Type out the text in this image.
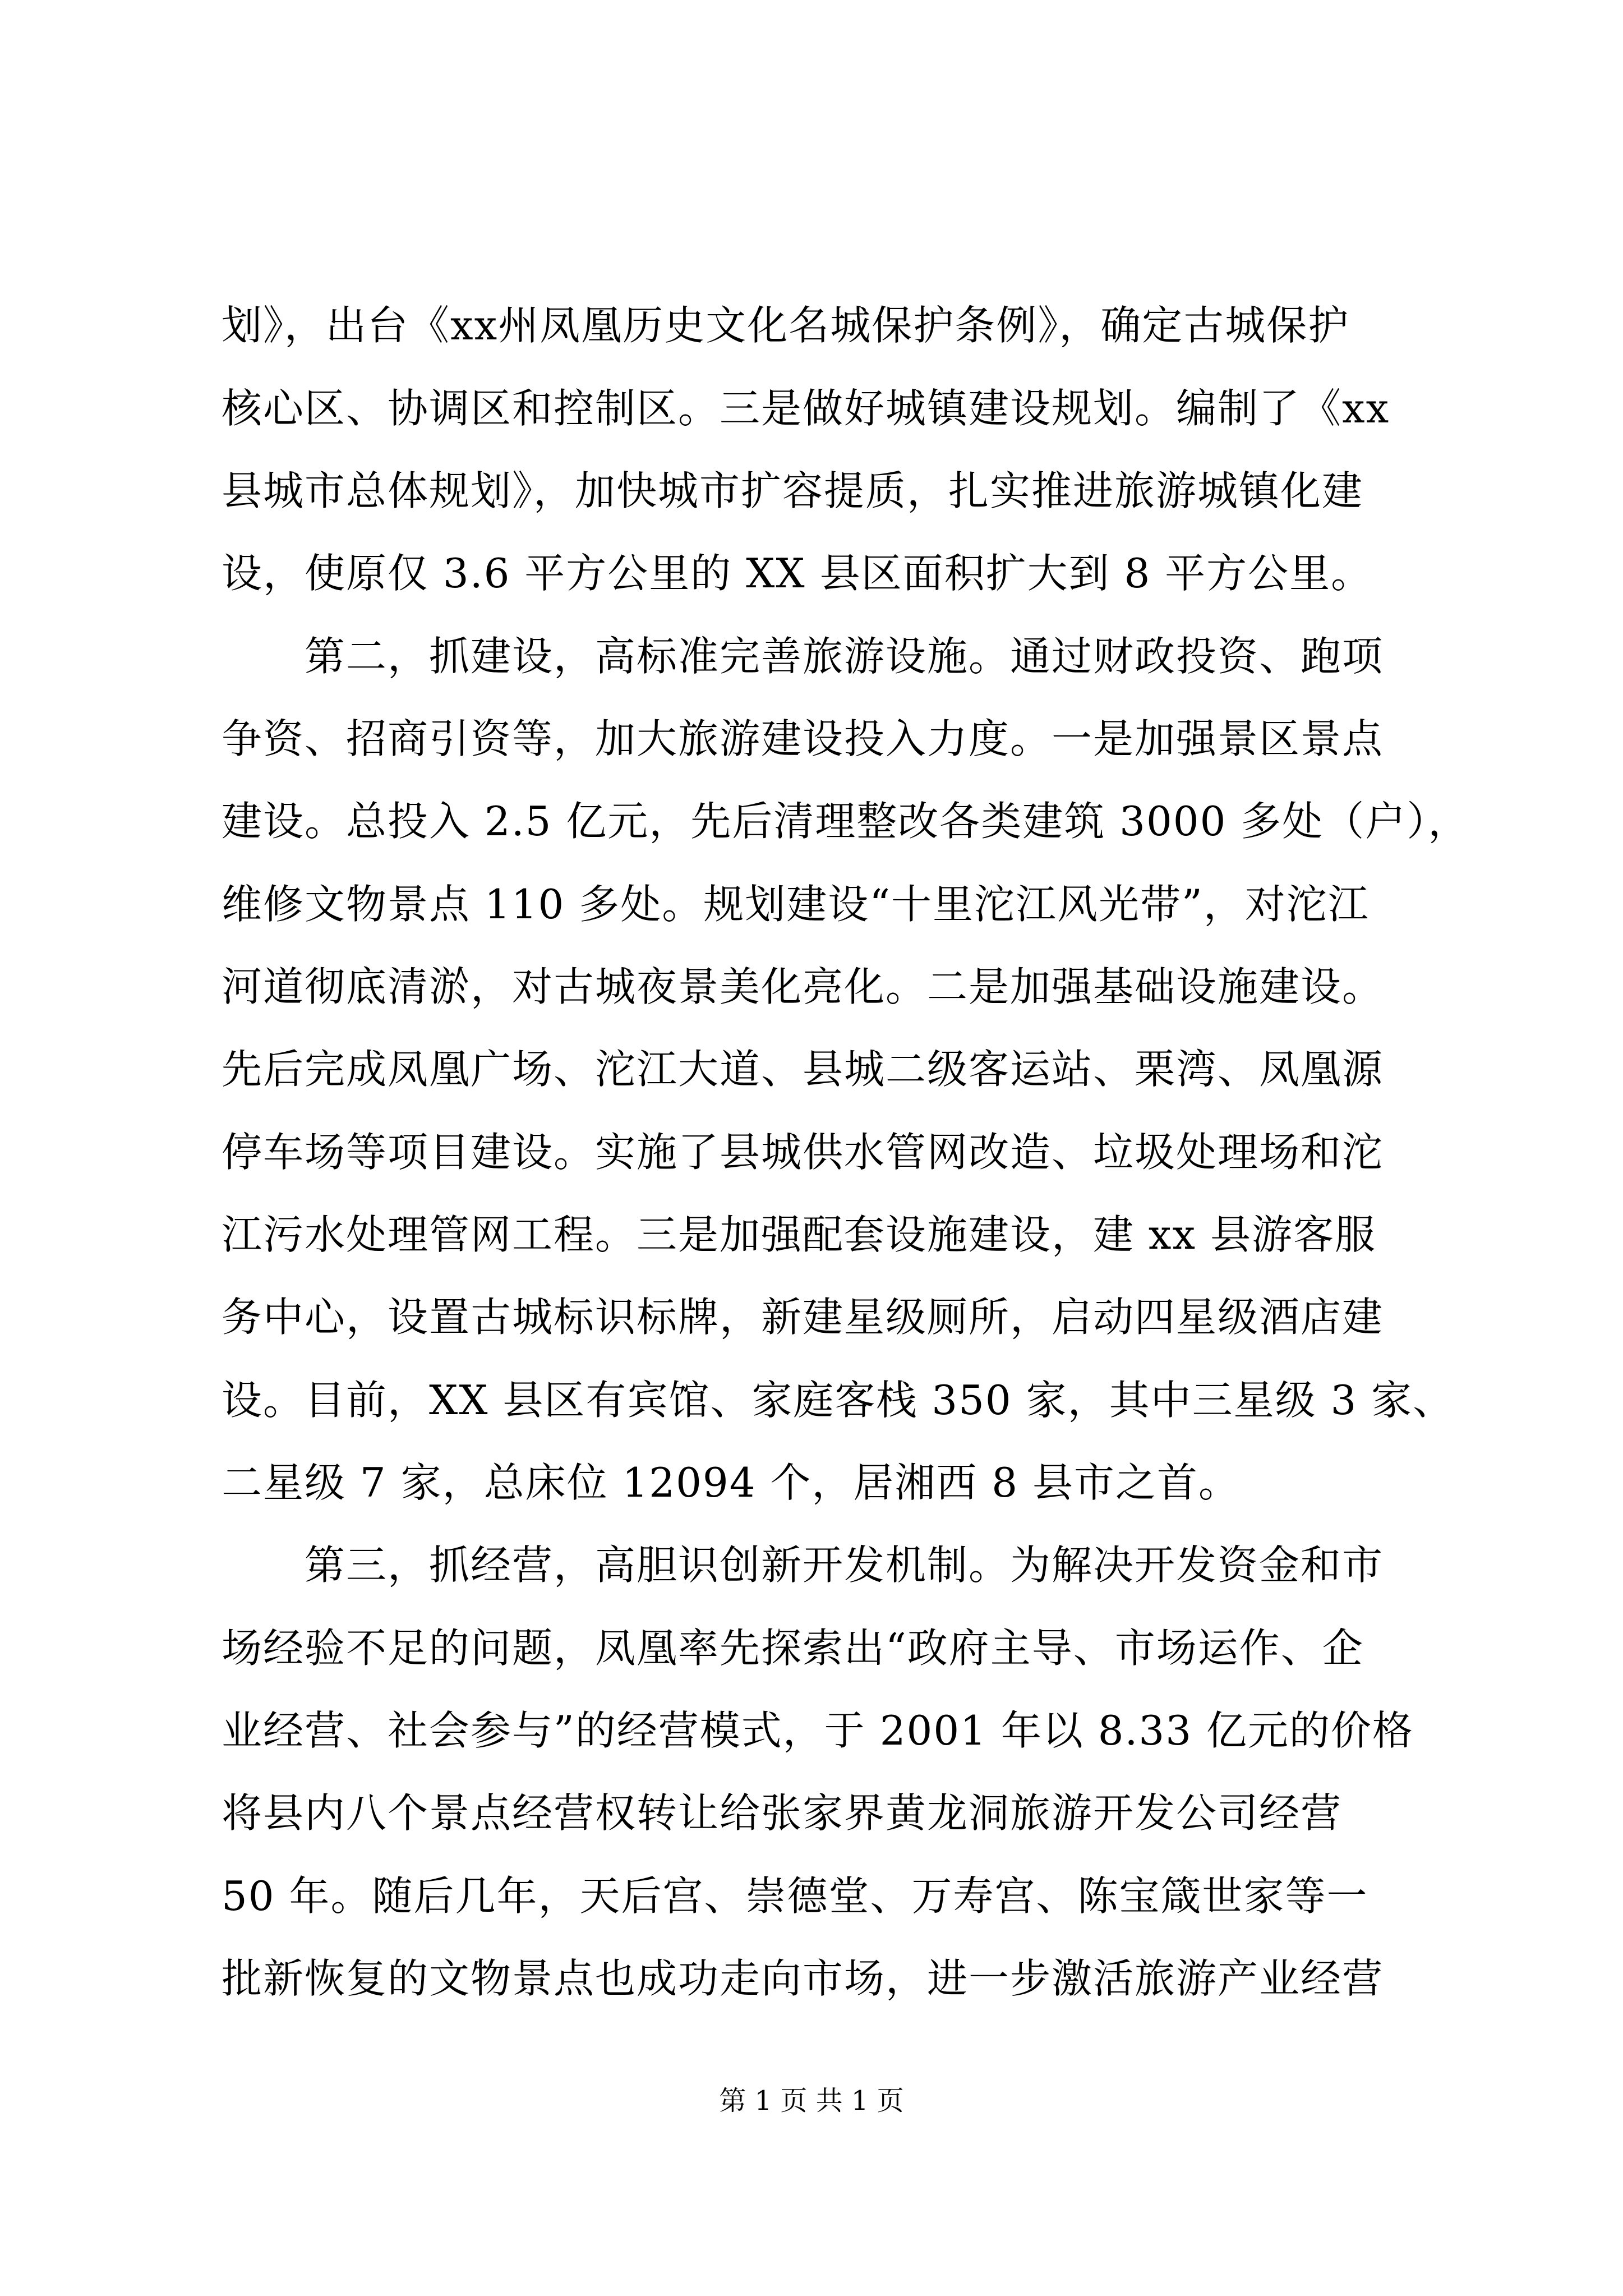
划》，出台《xx州凤凰历史文化名城保护条例》，确定古城保护
核心区、协调区和控制区。三是做好城镇建设规划。编制了《xx
县城市总体规划》，加快城市扩容提质，扎实推进旅游城镇化建
设，使原仅 3.6 平方公里的 XX 县区面积扩大到 8 平方公里。
　　第二，抓建设，高标准完善旅游设施。通过财政投资、跑项
争资、招商引资等，加大旅游建设投入力度。一是加强景区景点
建设。总投入 2.5 亿元，先后清理整改各类建筑 3000 多处（户），
维修文物景点 110 多处。规划建设“十里沱江风光带”，对沱江
河道彻底清淤，对古城夜景美化亮化。二是加强基础设施建设。
先后完成凤凰广场、沱江大道、县城二级客运站、栗湾、凤凰源
停车场等项目建设。实施了县城供水管网改造、垃圾处理场和沱
江污水处理管网工程。三是加强配套设施建设，建 xx 县游客服
务中心，设置古城标识标牌，新建星级厕所，启动四星级酒店建
设。目前，XX 县区有宾馆、家庭客栈 350 家，其中三星级 3 家、
二星级 7 家，总床位 12094 个，居湘西 8 县市之首。
　　第三，抓经营，高胆识创新开发机制。为解决开发资金和市
场经验不足的问题，凤凰率先探索出“政府主导、市场运作、企
业经营、社会参与”的经营模式，于 2001 年以 8.33 亿元的价格
将县内八个景点经营权转让给张家界黄龙洞旅游开发公司经营
50 年。随后几年，天后宫、崇德堂、万寿宫、陈宝箴世家等一
批新恢复的文物景点也成功走向市场，进一步激活旅游产业经营
第 1 页 共 1 页
